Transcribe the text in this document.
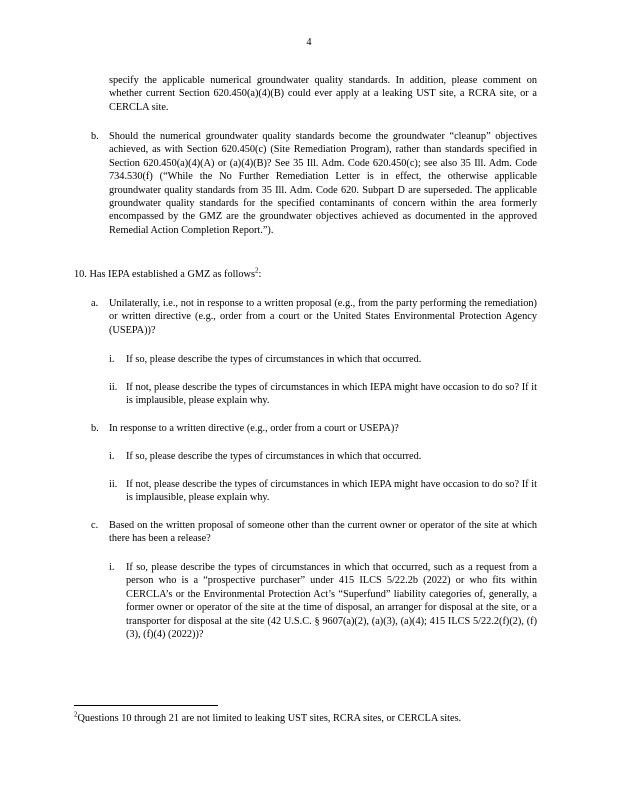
4
specify the applicable numerical groundwater quality standards. In addition, please comment on whether current Section 620.450(a)(4)(B) could ever apply at a leaking UST site, a RCRA site, or a CERCLA site.
b. Should the numerical groundwater quality standards become the groundwater “cleanup” objectives achieved, as with Section 620.450(c) (Site Remediation Program), rather than standards specified in Section 620.450(a)(4)(A) or (a)(4)(B)? See 35 Ill. Adm. Code 620.450(c); see also 35 Ill. Adm. Code 734.530(f) (“While the No Further Remediation Letter is in effect, the otherwise applicable groundwater quality standards from 35 Ill. Adm. Code 620. Subpart D are superseded. The applicable groundwater quality standards for the specified contaminants of concern within the area formerly encompassed by the GMZ are the groundwater objectives achieved as documented in the approved Remedial Action Completion Report.”).
10. Has IEPA established a GMZ as follows$^2$:
a. Unilaterally, i.e., not in response to a written proposal (e.g., from the party performing the remediation) or written directive (e.g., order from a court or the United States Environmental Protection Agency (USEPA))?
i. If so, please describe the types of circumstances in which that occurred.
ii. If not, please describe the types of circumstances in which IEPA might have occasion to do so? If it is implausible, please explain why.
b. In response to a written directive (e.g., order from a court or USEPA)?
i. If so, please describe the types of circumstances in which that occurred.
ii. If not, please describe the types of circumstances in which IEPA might have occasion to do so? If it is implausible, please explain why.
c. Based on the written proposal of someone other than the current owner or operator of the site at which there has been a release?
i. If so, please describe the types of circumstances in which that occurred, such as a request from a person who is a “prospective purchaser” under 415 ILCS 5/22.2b (2022) or who fits within CERCLA’s or the Environmental Protection Act’s “Superfund” liability categories of, generally, a former owner or operator of the site at the time of disposal, an arranger for disposal at the site, or a transporter for disposal at the site (42 U.S.C. § 9607(a)(2), (a)(3), (a)(4); 415 ILCS 5/22.2(f)(2), (f)(3), (f)(4) (2022))?
$^2$Questions 10 through 21 are not limited to leaking UST sites, RCRA sites, or CERCLA sites.
